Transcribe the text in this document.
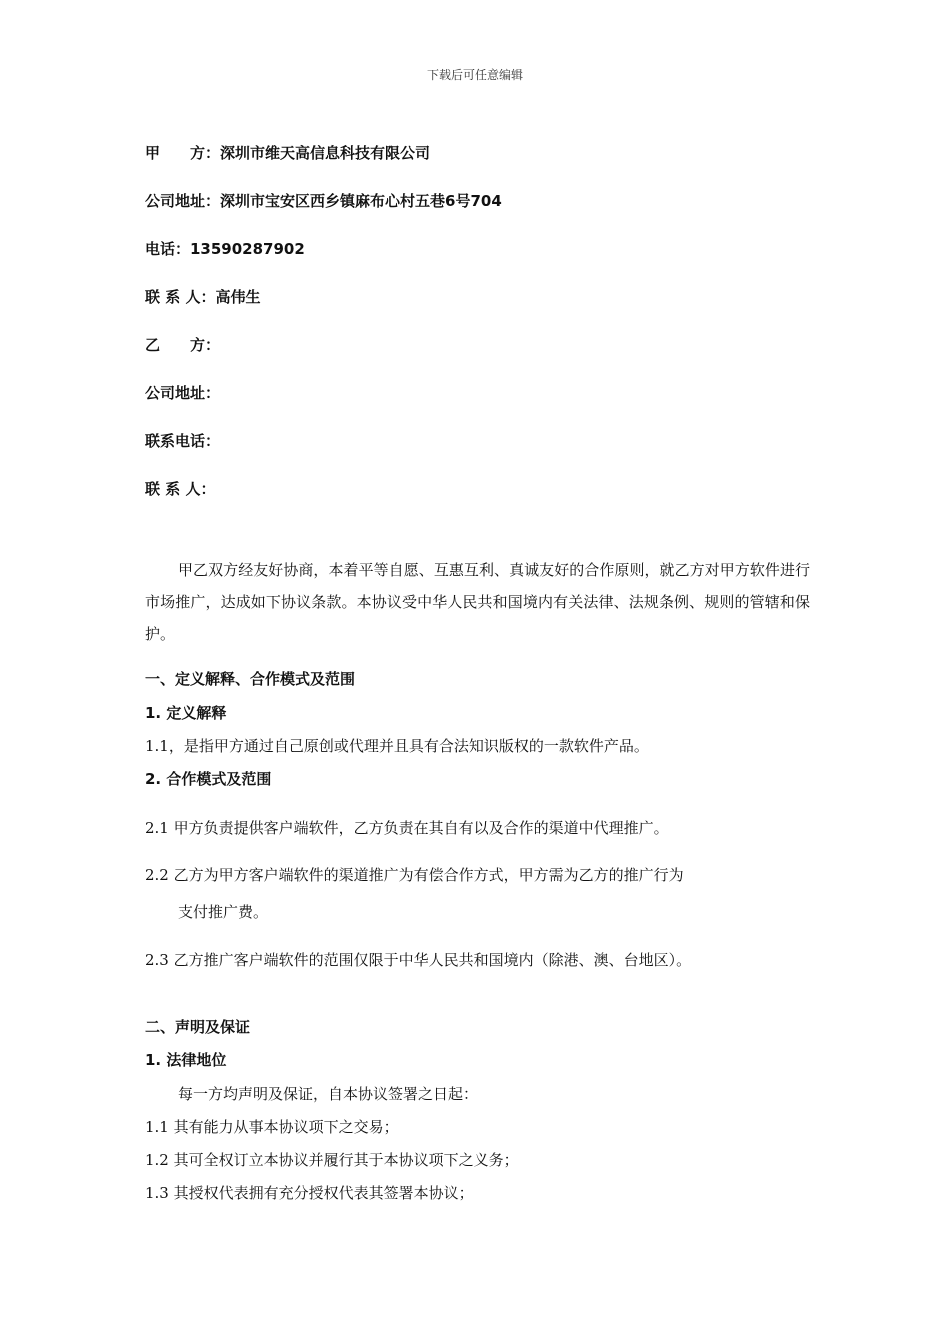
下载后可任意编辑
甲　　方：深圳市维天高信息科技有限公司
公司地址：深圳市宝安区西乡镇麻布心村五巷6号704
电话：13590287902
联 系 人：高伟生
乙　　方：
公司地址：
联系电话：
联 系 人：
甲乙双方经友好协商，本着平等自愿、互惠互利、真诚友好的合作原则，就乙方对甲方软件进行市场推广，达成如下协议条款。本协议受中华人民共和国境内有关法律、法规条例、规则的管辖和保护。
一、定义解释、合作模式及范围
1. 定义解释
1.1，是指甲方通过自己原创或代理并且具有合法知识版权的一款软件产品。
2. 合作模式及范围
2.1 甲方负责提供客户端软件，乙方负责在其自有以及合作的渠道中代理推广。
2.2 乙方为甲方客户端软件的渠道推广为有偿合作方式，甲方需为乙方的推广行为
支付推广费。
2.3 乙方推广客户端软件的范围仅限于中华人民共和国境内（除港、澳、台地区）。
二、声明及保证
1. 法律地位
每一方均声明及保证，自本协议签署之日起：
1.1 其有能力从事本协议项下之交易；
1.2 其可全权订立本协议并履行其于本协议项下之义务；
1.3 其授权代表拥有充分授权代表其签署本协议；
